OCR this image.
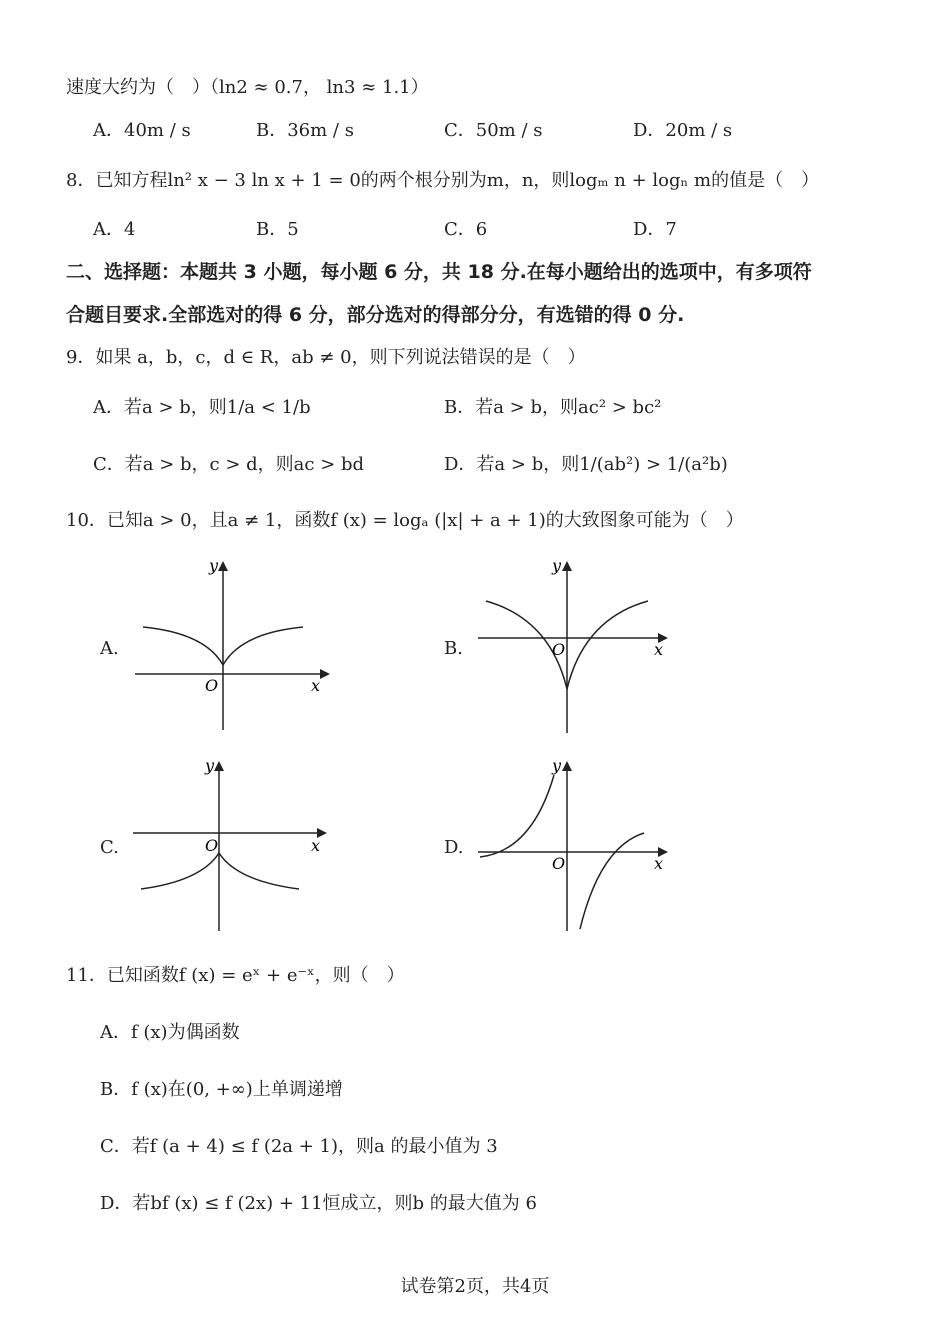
速度大约为（　）（ln2 ≈ 0.7， ln3 ≈ 1.1）
A．40m / s	B．36m / s	C．50m / s	D．20m / s
8．已知方程ln² x − 3 ln x + 1 = 0的两个根分别为m，n，则logₘ n + logₙ m的值是（　）
A．4	B．5	C．6	D．7
二、选择题：本题共 3 小题，每小题 6 分，共 18 分.在每小题给出的选项中，有多项符
合题目要求.全部选对的得 6 分，部分选对的得部分分，有选错的得 0 分.
9．如果 a，b，c，d ∈ R，ab ≠ 0，则下列说法错误的是（　）
A．若a > b，则1/a < 1/b	B．若a > b，则ac² > bc²
C．若a > b，c > d，则ac > bd	D．若a > b，则1/(ab²) > 1/(a²b)
10．已知a > 0，且a ≠ 1，函数f (x) = logₐ (|x| + a + 1)的大致图象可能为（　）
A.
y
x
O
B.
y
x
O
C.
y
x
O	D.
y
x
O
11．已知函数f (x) = eˣ + e⁻ˣ，则（　）
A．f (x)为偶函数
B．f (x)在(0, +∞)上单调递增
C．若f (a + 4) ≤ f (2a + 1)，则a 的最小值为 3
D．若bf (x) ≤ f (2x) + 11恒成立，则b 的最大值为 6
试卷第2页，共4页
